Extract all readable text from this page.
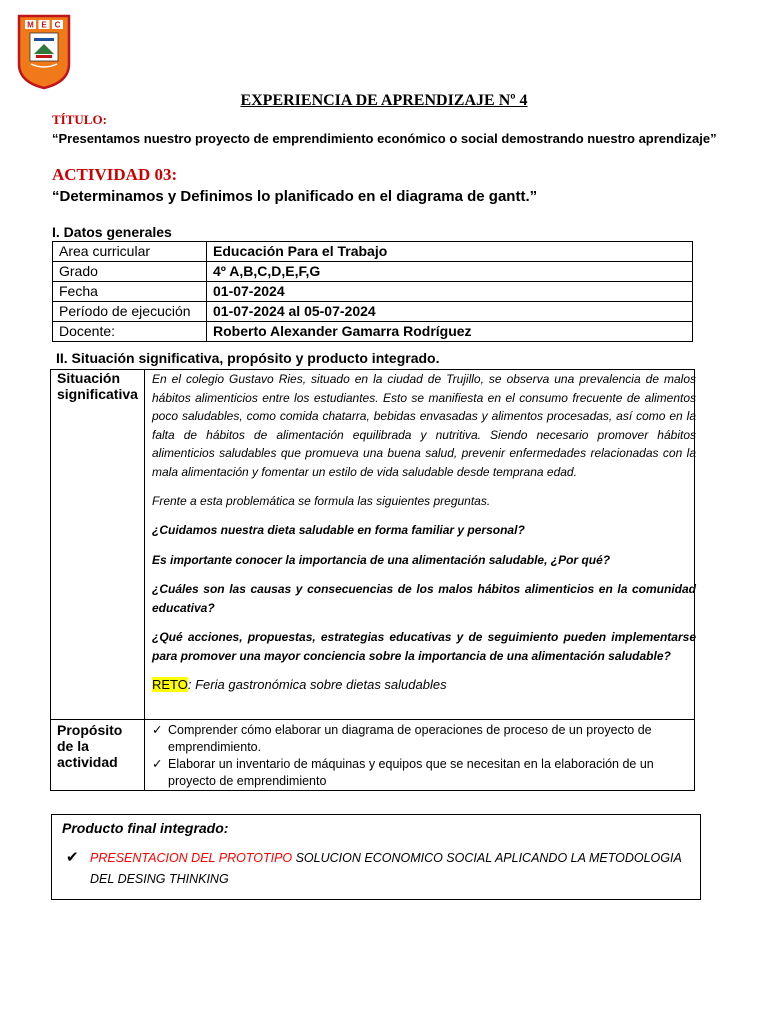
M E C
EXPERIENCIA DE APRENDIZAJE Nº 4
TÍTULO:
“Presentamos nuestro proyecto de emprendimiento económico o social demostrando nuestro aprendizaje”
ACTIVIDAD 03:
“Determinamos y Definimos lo planificado en el diagrama de gantt.”
I. Datos generales
Area curricular	Educación Para el Trabajo
Grado	4º A,B,C,D,E,F,G
Fecha	01-07-2024
Período de ejecución	01-07-2024 al 05-07-2024
Docente:	Roberto Alexander Gamarra Rodríguez
II. Situación significativa, propósito y producto integrado.
Situación significativa
En el colegio Gustavo Ries, situado en la ciudad de Trujillo, se observa una prevalencia de malos hábitos alimenticios entre los estudiantes. Esto se manifiesta en el consumo frecuente de alimentos poco saludables, como comida chatarra, bebidas envasadas y alimentos procesadas, así como en la falta de hábitos de alimentación equilibrada y nutritiva. Siendo necesario promover hábitos alimenticios saludables que promueva una buena salud, prevenir enfermedades relacionadas con la mala alimentación y fomentar un estilo de vida saludable desde temprana edad.
Frente a esta problemática se formula las siguientes preguntas.
¿Cuidamos nuestra dieta saludable en forma familiar y personal?
Es importante conocer la importancia de una alimentación saludable, ¿Por qué?
¿Cuáles son las causas y consecuencias de los malos hábitos alimenticios en la comunidad educativa?
¿Qué acciones, propuestas, estrategias educativas y de seguimiento pueden implementarse para promover una mayor conciencia sobre la importancia de una alimentación saludable?
RETO: Feria gastronómica sobre dietas saludables
Propósito de la actividad
✓ Comprender cómo elaborar un diagrama de operaciones de proceso de un proyecto de emprendimiento.
✓ Elaborar un inventario de máquinas y equipos que se necesitan en la elaboración de un proyecto de emprendimiento
Producto final integrado:
✔ PRESENTACION DEL PROTOTIPO SOLUCION ECONOMICO SOCIAL APLICANDO LA METODOLOGIA DEL DESING THINKING
